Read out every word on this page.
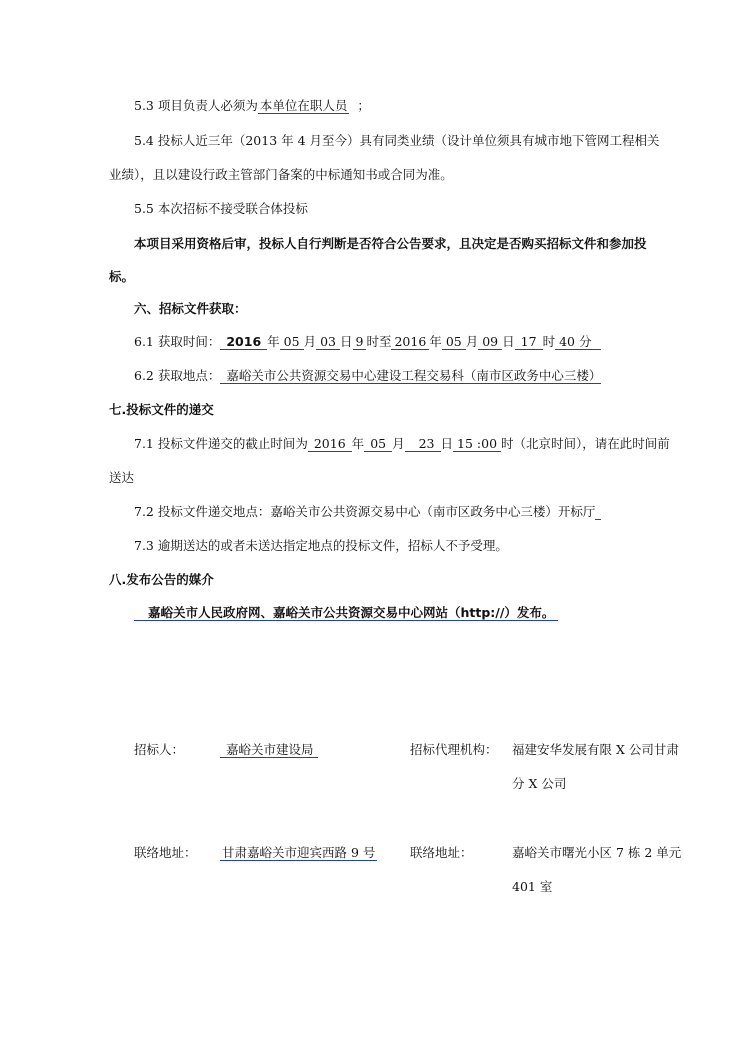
5.3 项目负责人必须为 本单位在职人员 ；
5.4 投标人近三年（2013 年 4 月至今）具有同类业绩（设计单位须具有城市地下管网工程相关
业绩），且以建设行政主管部门备案的中标通知书或合同为准。
5.5 本次招标不接受联合体投标
本项目采用资格后审，投标人自行判断是否符合公告要求，且决定是否购买招标文件和参加投
标。
六、招标文件获取：
6.1 获取时间： 2016 年 05 月 03 日 9 时至 2016 年 05 月 09 日 17 时 40 分
6.2 获取地点： 嘉峪关市公共资源交易中心建设工程交易科（南市区政务中心三楼）
七.投标文件的递交
7.1 投标文件递交的截止时间为 2016 年 05 月 23 日 15 :00 时（北京时间），请在此时间前
送达
7.2 投标文件递交地点：嘉峪关市公共资源交易中心（南市区政务中心三楼）开标厅
7.3 逾期送达的或者未送达指定地点的投标文件，招标人不予受理。
八.发布公告的媒介
嘉峪关市人民政府网、嘉峪关市公共资源交易中心网站（http://）发布。
招标人：	嘉峪关市建设局	招标代理机构： 福建安华发展有限 X 公司甘肃
分 X 公司
联络地址： 甘肃嘉峪关市迎宾西路 9 号	联络地址：	嘉峪关市曙光小区 7 栋 2 单元
401 室
